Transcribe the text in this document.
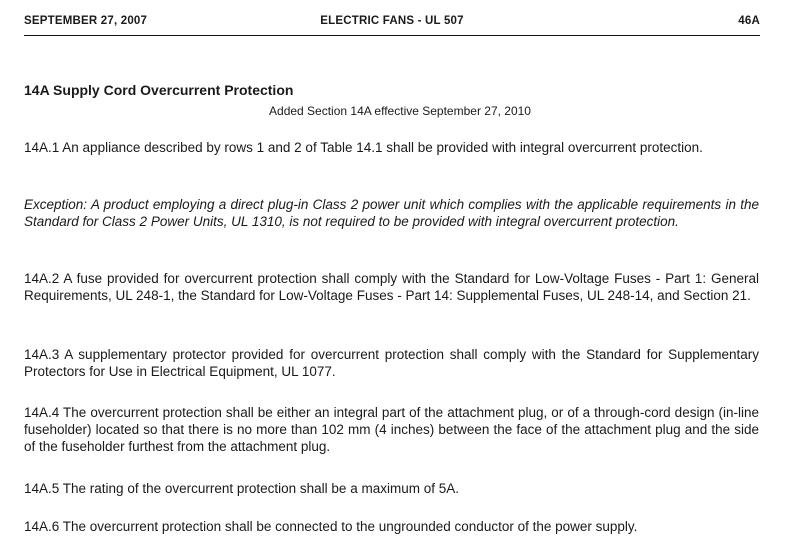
SEPTEMBER 27, 2007	ELECTRIC FANS - UL 507	46A
14A Supply Cord Overcurrent Protection
Added Section 14A effective September 27, 2010

14A.1 An appliance described by rows 1 and 2 of Table 14.1 shall be provided with integral overcurrent protection.

Exception: A product employing a direct plug-in Class 2 power unit which complies with the applicable requirements in the Standard for Class 2 Power Units, UL 1310, is not required to be provided with integral overcurrent protection.

14A.2 A fuse provided for overcurrent protection shall comply with the Standard for Low-Voltage Fuses - Part 1: General Requirements, UL 248-1, the Standard for Low-Voltage Fuses - Part 14: Supplemental Fuses, UL 248-14, and Section 21.

14A.3 A supplementary protector provided for overcurrent protection shall comply with the Standard for Supplementary Protectors for Use in Electrical Equipment, UL 1077.

14A.4 The overcurrent protection shall be either an integral part of the attachment plug, or of a through-cord design (in-line fuseholder) located so that there is no more than 102 mm (4 inches) between the face of the attachment plug and the side of the fuseholder furthest from the attachment plug.

14A.5 The rating of the overcurrent protection shall be a maximum of 5A.

14A.6 The overcurrent protection shall be connected to the ungrounded conductor of the power supply.
